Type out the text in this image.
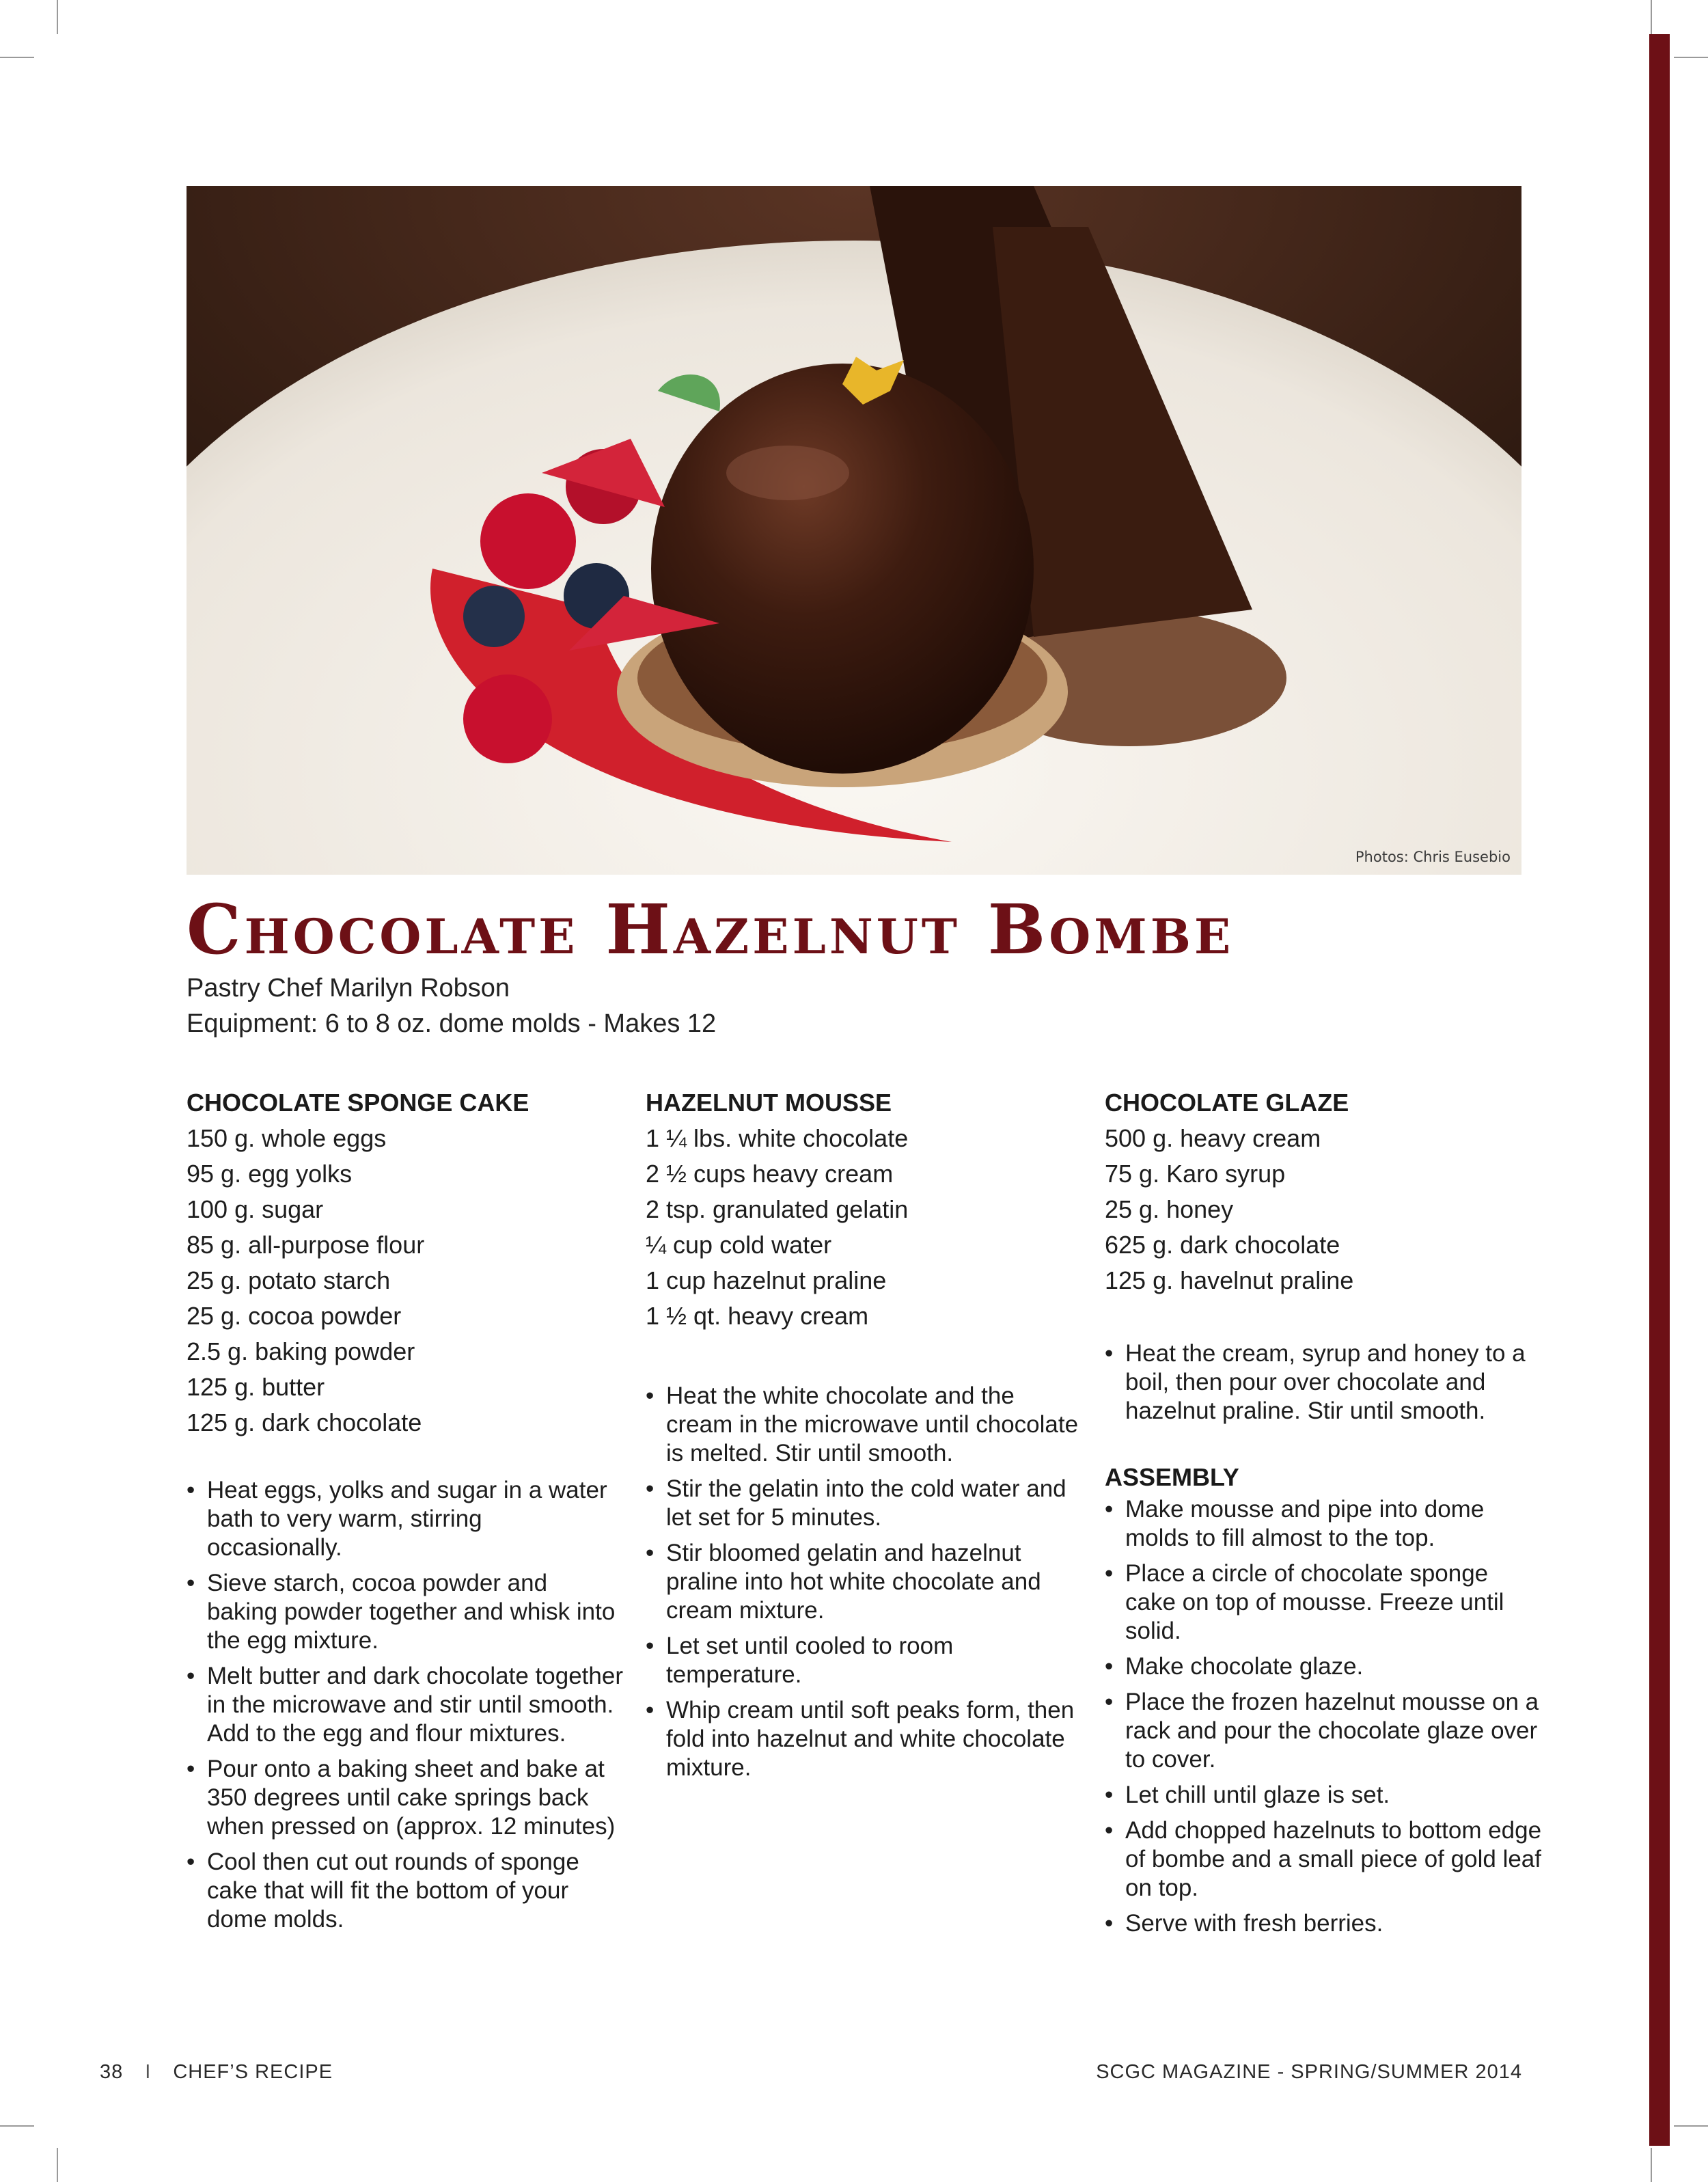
Photos: Chris Eusebio
Chocolate Hazelnut Bombe
Pastry Chef Marilyn Robson
Equipment: 6 to 8 oz. dome molds - Makes 12
CHOCOLATE SPONGE CAKE
150 g. whole eggs
95 g. egg yolks
100 g. sugar
85 g. all-purpose flour
25 g. potato starch
25 g. cocoa powder
2.5 g. baking powder
125 g. butter
125 g. dark chocolate
• Heat eggs, yolks and sugar in a water bath to very warm, stirring occasionally.
• Sieve starch, cocoa powder and baking powder together and whisk into the egg mixture.
• Melt butter and dark chocolate together in the microwave and stir until smooth. Add to the egg and flour mixtures.
• Pour onto a baking sheet and bake at 350 degrees until cake springs back when pressed on (approx. 12 minutes)
• Cool then cut out rounds of sponge cake that will fit the bottom of your dome molds.
HAZELNUT MOUSSE
1 ¼ lbs. white chocolate
2 ½ cups heavy cream
2 tsp. granulated gelatin
¼ cup cold water
1 cup hazelnut praline
1 ½ qt. heavy cream
• Heat the white chocolate and the cream in the microwave until chocolate is melted. Stir until smooth.
• Stir the gelatin into the cold water and let set for 5 minutes.
• Stir bloomed gelatin and hazelnut praline into hot white chocolate and cream mixture.
• Let set until cooled to room temperature.
• Whip cream until soft peaks form, then fold into hazelnut and white chocolate mixture.
CHOCOLATE GLAZE
500 g. heavy cream
75 g. Karo syrup
25 g. honey
625 g. dark chocolate
125 g. havelnut praline
• Heat the cream, syrup and honey to a boil, then pour over chocolate and hazelnut praline. Stir until smooth.
ASSEMBLY
• Make mousse and pipe into dome molds to fill almost to the top.
• Place a circle of chocolate sponge cake on top of mousse. Freeze until solid.
• Make chocolate glaze.
• Place the frozen hazelnut mousse on a rack and pour the chocolate glaze over to cover.
• Let chill until glaze is set.
• Add chopped hazelnuts to bottom edge of bombe and a small piece of gold leaf on top.
• Serve with fresh berries.
38 I CHEF’S RECIPE	SCGC MAGAZINE - SPRING/SUMMER 2014
